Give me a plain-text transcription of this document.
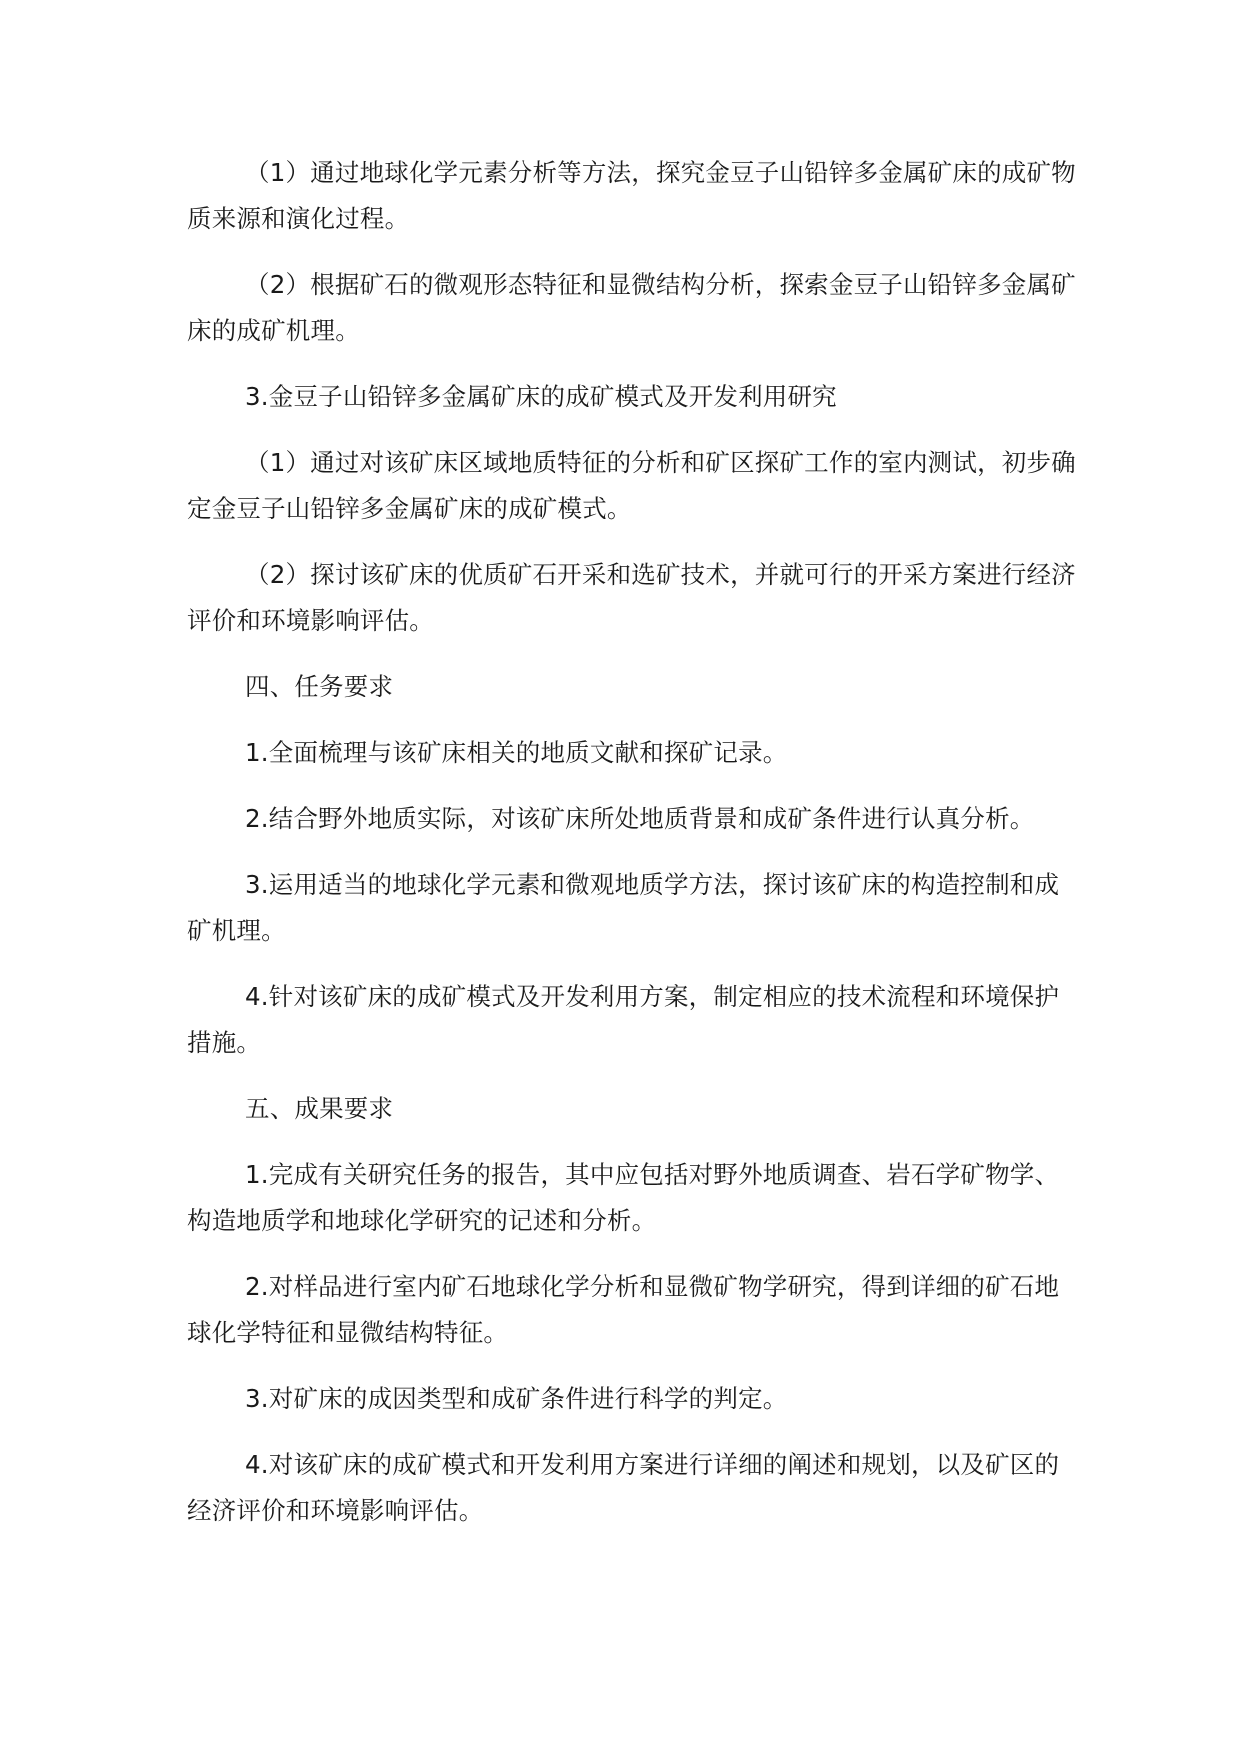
（1）通过地球化学元素分析等方法，探究金豆子山铅锌多金属矿床的成矿物质来源和演化过程。

（2）根据矿石的微观形态特征和显微结构分析，探索金豆子山铅锌多金属矿床的成矿机理。

3.金豆子山铅锌多金属矿床的成矿模式及开发利用研究

（1）通过对该矿床区域地质特征的分析和矿区探矿工作的室内测试，初步确定金豆子山铅锌多金属矿床的成矿模式。

（2）探讨该矿床的优质矿石开采和选矿技术，并就可行的开采方案进行经济评价和环境影响评估。

四、任务要求

1.全面梳理与该矿床相关的地质文献和探矿记录。

2.结合野外地质实际，对该矿床所处地质背景和成矿条件进行认真分析。

3.运用适当的地球化学元素和微观地质学方法，探讨该矿床的构造控制和成矿机理。

4.针对该矿床的成矿模式及开发利用方案，制定相应的技术流程和环境保护措施。

五、成果要求

1.完成有关研究任务的报告，其中应包括对野外地质调查、岩石学矿物学、构造地质学和地球化学研究的记述和分析。

2.对样品进行室内矿石地球化学分析和显微矿物学研究，得到详细的矿石地球化学特征和显微结构特征。

3.对矿床的成因类型和成矿条件进行科学的判定。

4.对该矿床的成矿模式和开发利用方案进行详细的阐述和规划，以及矿区的经济评价和环境影响评估。
